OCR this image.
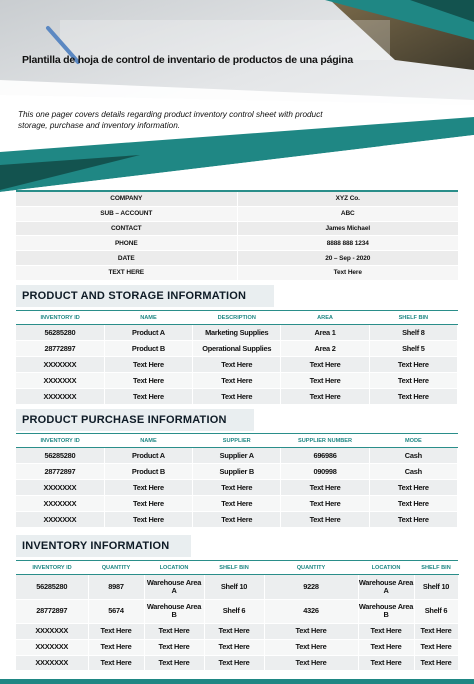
Plantilla de hoja de control de inventario de productos de una página
This one pager covers details regarding product inventory control sheet with product storage, purchase and inventory information.
COMPANY	XYZ Co.
SUB – ACCOUNT	ABC
CONTACT	James Michael
PHONE	8888 888 1234
DATE	20 – Sep - 2020
TEXT HERE	Text Here
PRODUCT AND STORAGE INFORMATION
INVENTORY ID	NAME	DESCRIPTION	AREA	SHELF BIN
56285280	Product A	Marketing Supplies	Area 1	Shelf 8
28772897	Product B	Operational Supplies	Area 2	Shelf 5
XXXXXXX	Text Here	Text Here	Text Here	Text Here
XXXXXXX	Text Here	Text Here	Text Here	Text Here
XXXXXXX	Text Here	Text Here	Text Here	Text Here
PRODUCT PURCHASE INFORMATION
INVENTORY ID	NAME	SUPPLIER	SUPPLIER NUMBER	MODE
56285280	Product A	Supplier A	696986	Cash
28772897	Product B	Supplier B	090998	Cash
XXXXXXX	Text Here	Text Here	Text Here	Text Here
XXXXXXX	Text Here	Text Here	Text Here	Text Here
XXXXXXX	Text Here	Text Here	Text Here	Text Here
INVENTORY INFORMATION
INVENTORY ID	QUANTITY	LOCATION	SHELF BIN	QUANTITY	LOCATION	SHELF BIN
56285280	8987	Warehouse Area A	Shelf 10	9228	Warehouse Area A	Shelf 10
28772897	5674	Warehouse Area B	Shelf 6	4326	Warehouse Area B	Shelf 6
XXXXXXX	Text Here	Text Here	Text Here	Text Here	Text Here	Text Here
XXXXXXX	Text Here	Text Here	Text Here	Text Here	Text Here	Text Here
XXXXXXX	Text Here	Text Here	Text Here	Text Here	Text Here	Text Here
